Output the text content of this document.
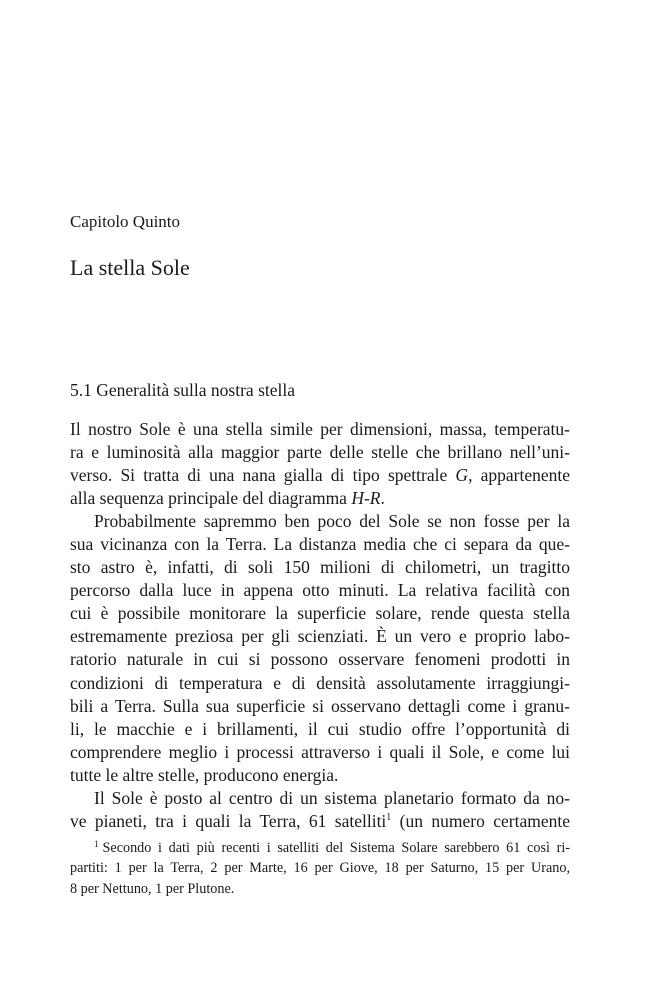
Capitolo Quinto
La stella Sole
5.1 Generalità sulla nostra stella
Il nostro Sole è una stella simile per dimensioni, massa, temperatu-
ra e luminosità alla maggior parte delle stelle che brillano nell’uni-
verso. Si tratta di una nana gialla di tipo spettrale G, appartenente
alla sequenza principale del diagramma H-R.
Probabilmente sapremmo ben poco del Sole se non fosse per la
sua vicinanza con la Terra. La distanza media che ci separa da que-
sto astro è, infatti, di soli 150 milioni di chilometri, un tragitto
percorso dalla luce in appena otto minuti. La relativa facilità con
cui è possibile monitorare la superficie solare, rende questa stella
estremamente preziosa per gli scienziati. È un vero e proprio labo-
ratorio naturale in cui si possono osservare fenomeni prodotti in
condizioni di temperatura e di densità assolutamente irraggiungi-
bili a Terra. Sulla sua superficie si osservano dettagli come i granu-
li, le macchie e i brillamenti, il cui studio offre l’opportunità di
comprendere meglio i processi attraverso i quali il Sole, e come lui
tutte le altre stelle, producono energia.
Il Sole è posto al centro di un sistema planetario formato da no-
ve pianeti, tra i quali la Terra, 61 satelliti$^1$ (un numero certamente
$^1$ Secondo i dati più recenti i satelliti del Sistema Solare sarebbero 61 così ri-
partiti: 1 per la Terra, 2 per Marte, 16 per Giove, 18 per Saturno, 15 per Urano,
8 per Nettuno, 1 per Plutone.
